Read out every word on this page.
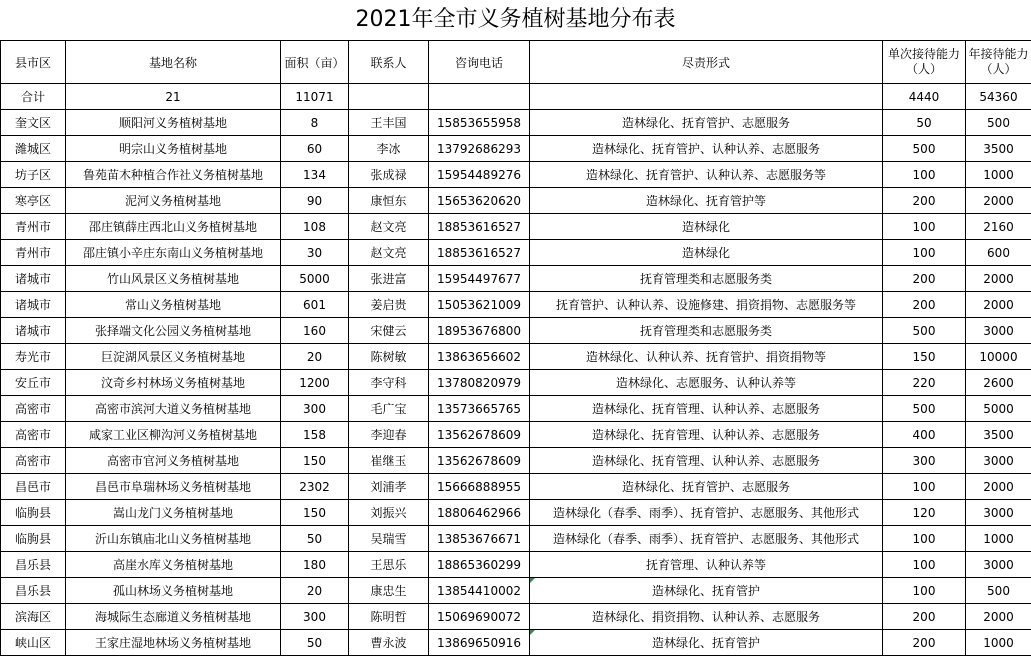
2021年全市义务植树基地分布表
县市区	基地名称	面积（亩）	联系人	咨询电话	尽责形式	单次接待能力（人）	年接待能力（人）
合计	21	11071				4440	54360
奎文区	顺阳河义务植树基地	8	王丰国	15853655958	造林绿化、抚育管护、志愿服务	50	500
潍城区	明宗山义务植树基地	60	李冰	13792686293	造林绿化、抚育管护、认种认养、志愿服务	500	3500
坊子区	鲁苑苗木种植合作社义务植树基地	134	张成禄	15954489276	造林绿化、抚育管护、认种认养、志愿服务等	100	1000
寒亭区	泥河义务植树基地	90	康恒东	15653620620	造林绿化、抚育管护等	200	2000
青州市	邵庄镇薛庄西北山义务植树基地	108	赵文亮	18853616527	造林绿化	100	2160
青州市	邵庄镇小辛庄东南山义务植树基地	30	赵文亮	18853616527	造林绿化	100	600
诸城市	竹山风景区义务植树基地	5000	张进富	15954497677	抚育管理类和志愿服务类	200	2000
诸城市	常山义务植树基地	601	姜启贵	15053621009	抚育管护、认种认养、设施修建、捐资捐物、志愿服务等	200	2000
诸城市	张择端文化公园义务植树基地	160	宋健云	18953676800	抚育管理类和志愿服务类	500	3000
寿光市	巨淀湖风景区义务植树基地	20	陈树敏	13863656602	造林绿化、认种认养、抚育管护、捐资捐物等	150	10000
安丘市	汶奇乡村林场义务植树基地	1200	李守科	13780820979	造林绿化、志愿服务、认种认养等	220	2600
高密市	高密市滨河大道义务植树基地	300	毛广宝	13573665765	造林绿化、抚育管理、认种认养、志愿服务	500	5000
高密市	咸家工业区柳沟河义务植树基地	158	李迎春	13562678609	造林绿化、抚育管理、认种认养、志愿服务	400	3500
高密市	高密市官河义务植树基地	150	崔继玉	13562678609	造林绿化、抚育管理、认种认养、志愿服务	300	3000
昌邑市	昌邑市阜瑞林场义务植树基地	2302	刘浦孝	15666888955	造林绿化、抚育管护、志愿服务	100	2000
临朐县	嵩山龙门义务植树基地	150	刘振兴	18806462966	造林绿化（春季、雨季）、抚育管护、志愿服务、其他形式	120	3000
临朐县	沂山东镇庙北山义务植树基地	50	吴瑞雪	13853676671	造林绿化（春季、雨季）、抚育管护、志愿服务、其他形式	100	1000
昌乐县	高崖水库义务植树基地	180	王思乐	18865360299	抚育管理、认种认养等	100	3000
昌乐县	孤山林场义务植树基地	20	康忠生	13854410002	造林绿化、抚育管护	100	500
滨海区	海城际生态廊道义务植树基地	300	陈明哲	15069690072	造林绿化、捐资捐物、认种认养、志愿服务	200	2000
峡山区	王家庄湿地林场义务植树基地	50	曹永波	13869650916	造林绿化、抚育管护	200	1000
